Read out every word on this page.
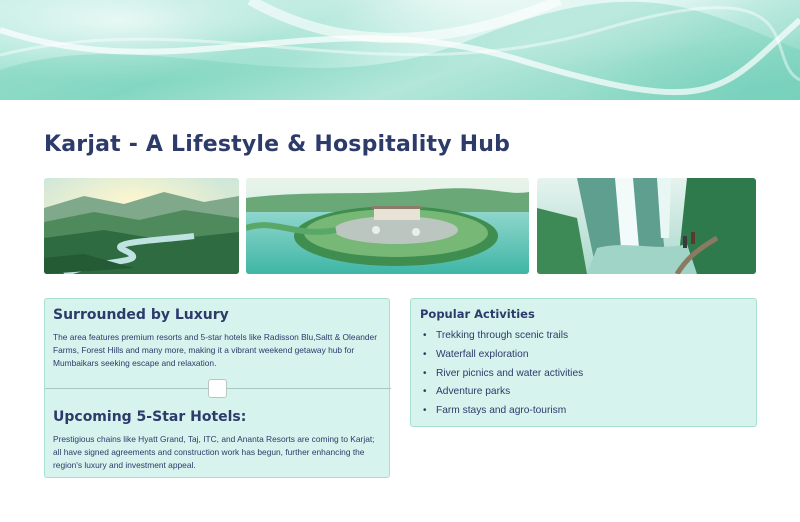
Karjat - A Lifestyle & Hospitality Hub
Surrounded by Luxury

The area features premium resorts and 5-star hotels like Radisson Blu,Saltt & Oleander Farms, Forest Hills and many more, making it a vibrant weekend getaway hub for Mumbaikars seeking escape and relaxation.

Upcoming 5-Star Hotels:

Prestigious chains like Hyatt Grand, Taj, ITC, and Ananta Resorts are coming to Karjat; all have signed agreements and construction work has begun, further enhancing the region's luxury and investment appeal.

Popular Activities
• Trekking through scenic trails
• Waterfall exploration
• River picnics and water activities
• Adventure parks
• Farm stays and agro-tourism
